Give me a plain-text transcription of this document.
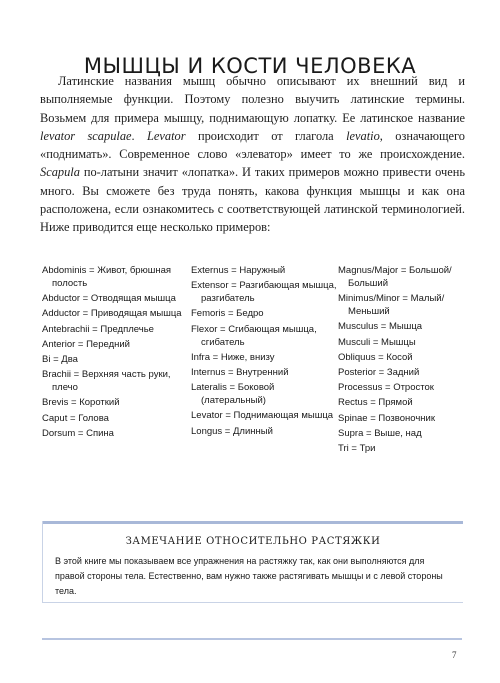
МЫШЦЫ И КОСТИ ЧЕЛОВЕКА

Латинские названия мышц обычно описывают их внешний вид и выполняемые функции. Поэтому полезно выучить латинские термины. Возьмем для примера мышцу, поднимающую лопатку. Ее латинское название levator scapulae. Levator происходит от глагола levatio, означающего «поднимать». Современное слово «элеватор» имеет то же происхождение. Scapula по-латыни значит «лопатка». И таких примеров можно привести очень много. Вы сможете без труда понять, какова функция мышцы и как она расположена, если ознакомитесь с соответствующей латинской терминологией. Ниже приводится еще несколько примеров:

Abdominis = Живот, брюшная полость

Abductor = Отводящая мышца

Adductor = Приводящая мышца

Antebrachii = Предплечье

Anterior = Передний

Bi = Два

Brachii = Верхняя часть руки, плечо

Brevis = Короткий

Caput = Голова

Dorsum = Спина

Externus = Наружный

Extensor = Разгибающая мышца, разгибатель

Femoris = Бедро

Flexor = Сгибающая мышца, сгибатель

Infra = Ниже, внизу

Internus = Внутренний

Lateralis = Боковой (латеральный)

Levator = Поднимающая мышца

Longus = Длинный

Magnus/Major = Большой/Больший

Minimus/Minor = Малый/Меньший

Musculus = Мышца

Musculi = Мышцы

Obliquus = Косой

Posterior = Задний

Processus = Отросток

Rectus = Прямой

Spinae = Позвоночник

Supra = Выше, над

Tri = Три

ЗАМЕЧАНИЕ ОТНОСИТЕЛЬНО РАСТЯЖКИ

В этой книге мы показываем все упражнения на растяжку так, как они выполняются для правой стороны тела. Естественно, вам нужно также растягивать мышцы и с левой стороны тела.

7
